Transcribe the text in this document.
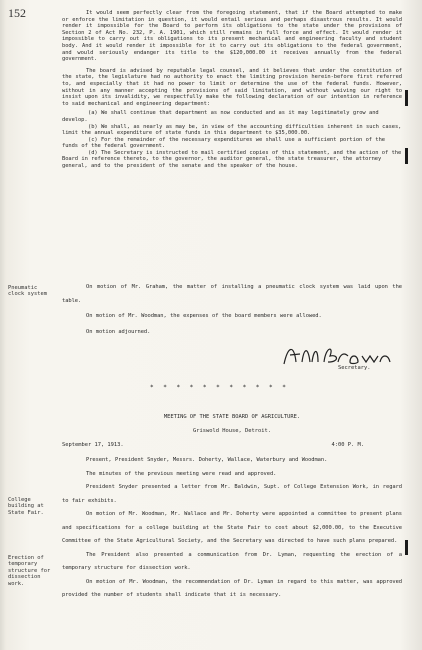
152	It would seem perfectly clear from the foregoing statement, that if the Board attempted to make or enforce the limitation in question, it would entail serious and perhaps disastrous results. It would render it impossible for the Board to perform its obligations to the state under the provisions of Section 2 of Act No. 232, P. A. 1901, which still remains in full force and effect. It would render it impossible to carry out its obligations to its present mechanical and engineering faculty and student body. And it would render it impossible for it to carry out its obligations to the federal government, and would seriously endanger its title to the $120,000.00 it receives annually from the federal government.

The board is advised by reputable legal counsel, and it believes that under the constitution of the state, the legislature had no authority to enact the limiting provision herein-before first referred to, and especially that it had no power to limit or determine the use of the federal funds. However, without in any manner accepting the provisions of said limitation, and without waiving our right to insist upon its invalidity, we respectfully make the following declaration of our intention in reference to said mechanical and engineering department:

(a) We shall continue that department as now conducted and as it may legitimately grow and develop.

(b) We shall, as nearly as may be, in view of the accounting difficulties inherent in such cases, limit the annual expenditure of state funds in this department to $35,000.00.

(c) For the remainder of the necessary expenditures we shall use a sufficient portion of the funds of the federal government.

(d) The Secretary is instructed to mail certified copies of this statement, and the action of the Board in reference thereto, to the governor, the auditor general, the state treasurer, the attorney general, and to the president of the senate and the speaker of the house.

On motion of Mr. Graham, the matter of installing a pneumatic clock system was laid upon the table.

On motion of Mr. Woodman, the expenses of the board members were allowed.

On motion adjourned.

Pneumatic clock system
A.M. Brown	Secretary.
* * * * * * * * * * *
MEETING OF THE STATE BOARD OF AGRICULTURE.
Griswold House, Detroit.
September 17, 1913.	4:00 P. M.

Present, President Snyder, Messrs. Doherty, Wallace, Waterbury and Woodman.

The minutes of the previous meeting were read and approved.

President Snyder presented a letter from Mr. Baldwin, Supt. of College Extension Work, in regard to fair exhibits.

On motion of Mr. Woodman, Mr. Wallace and Mr. Doherty were appointed a committee to present plans and specifications for a college building at the State Fair to cost about $2,000.00, to the Executive Committee of the State Agricultural Society, and the Secretary was directed to have such plans prepared.

The President also presented a communication from Dr. Lyman, requesting the erection of a temporary structure for dissection work.

On motion of Mr. Woodman, the recommendation of Dr. Lyman in regard to this matter, was approved provided the number of students shall indicate that it is necessary.

College building at State Fair.
Erection of temporary structure for dissection work.
